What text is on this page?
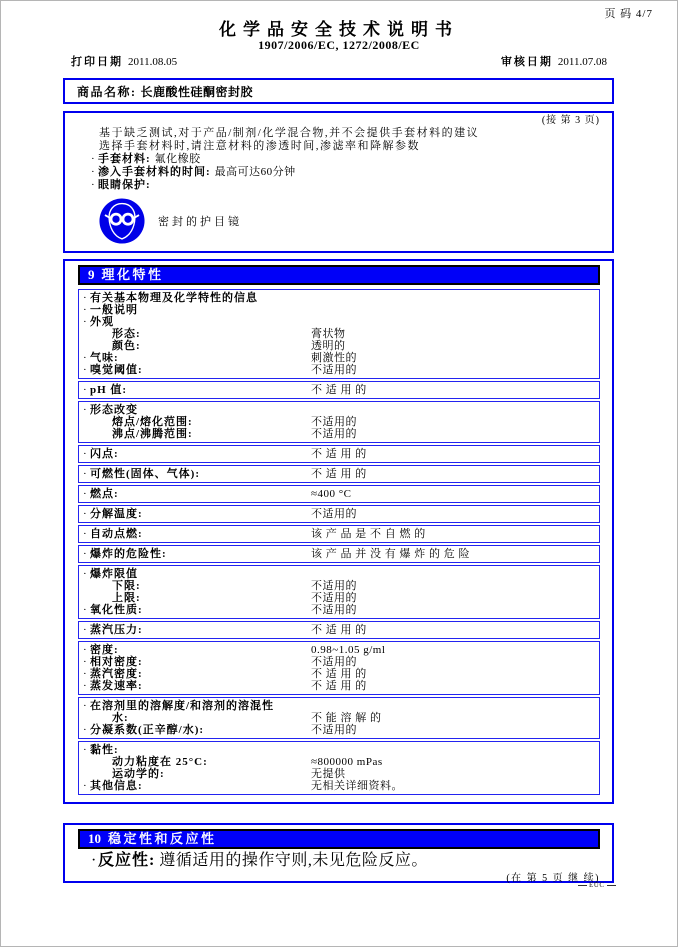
页 码 4/7
化学品安全技术说明书
1907/2006/EC, 1272/2008/EC
打印日期 2011.08.05	审核日期 2011.07.08
商品名称: 长鹿酸性硅酮密封胶
(接 第 3 页)
基于缺乏测试,对于产品/制剂/化学混合物,并不会提供手套材料的建议
选择手套材料时,请注意材料的渗透时间,渗滤率和降解参数
· 手套材料: 氟化橡胶
· 渗入手套材料的时间: 最高可达60分钟
· 眼睛保护:
密封的护目镜
9 理化特性
· 有关基本物理及化学特性的信息
· 一般说明
· 外观
形态:	膏状物
颜色:	透明的
· 气味:	刺激性的
· 嗅觉阈值:	不适用的
· pH 值:	不 适 用 的
· 形态改变
熔点/熔化范围:	不适用的
沸点/沸腾范围:	不适用的
· 闪点:	不 适 用 的
· 可燃性(固体、气体):	不 适 用 的
· 燃点:	≈400 °C
· 分解温度:	不适用的
· 自动点燃:	该 产 品 是 不 自 燃 的
· 爆炸的危险性:	该 产 品 并 没 有 爆 炸 的 危 险
· 爆炸限值
下限:	不适用的
上限:	不适用的
· 氧化性质:	不适用的
· 蒸汽压力:	不 适 用 的
· 密度:	0.98~1.05 g/ml
· 相对密度:	不适用的
· 蒸汽密度:	不 适 用 的
· 蒸发速率:	不 适 用 的
· 在溶剂里的溶解度/和溶剂的溶混性
水:	不 能 溶 解 的
· 分凝系数(正辛醇/水):	不适用的
· 黏性:
动力粘度在 25°C:	≈800000 mPas
运动学的:	无提供
· 其他信息:	无相关详细资料。
10 稳定性和反应性
· 反应性: 遵循适用的操作守则,未见危险反应。
(在 第 5 页 继 续)
EUC
